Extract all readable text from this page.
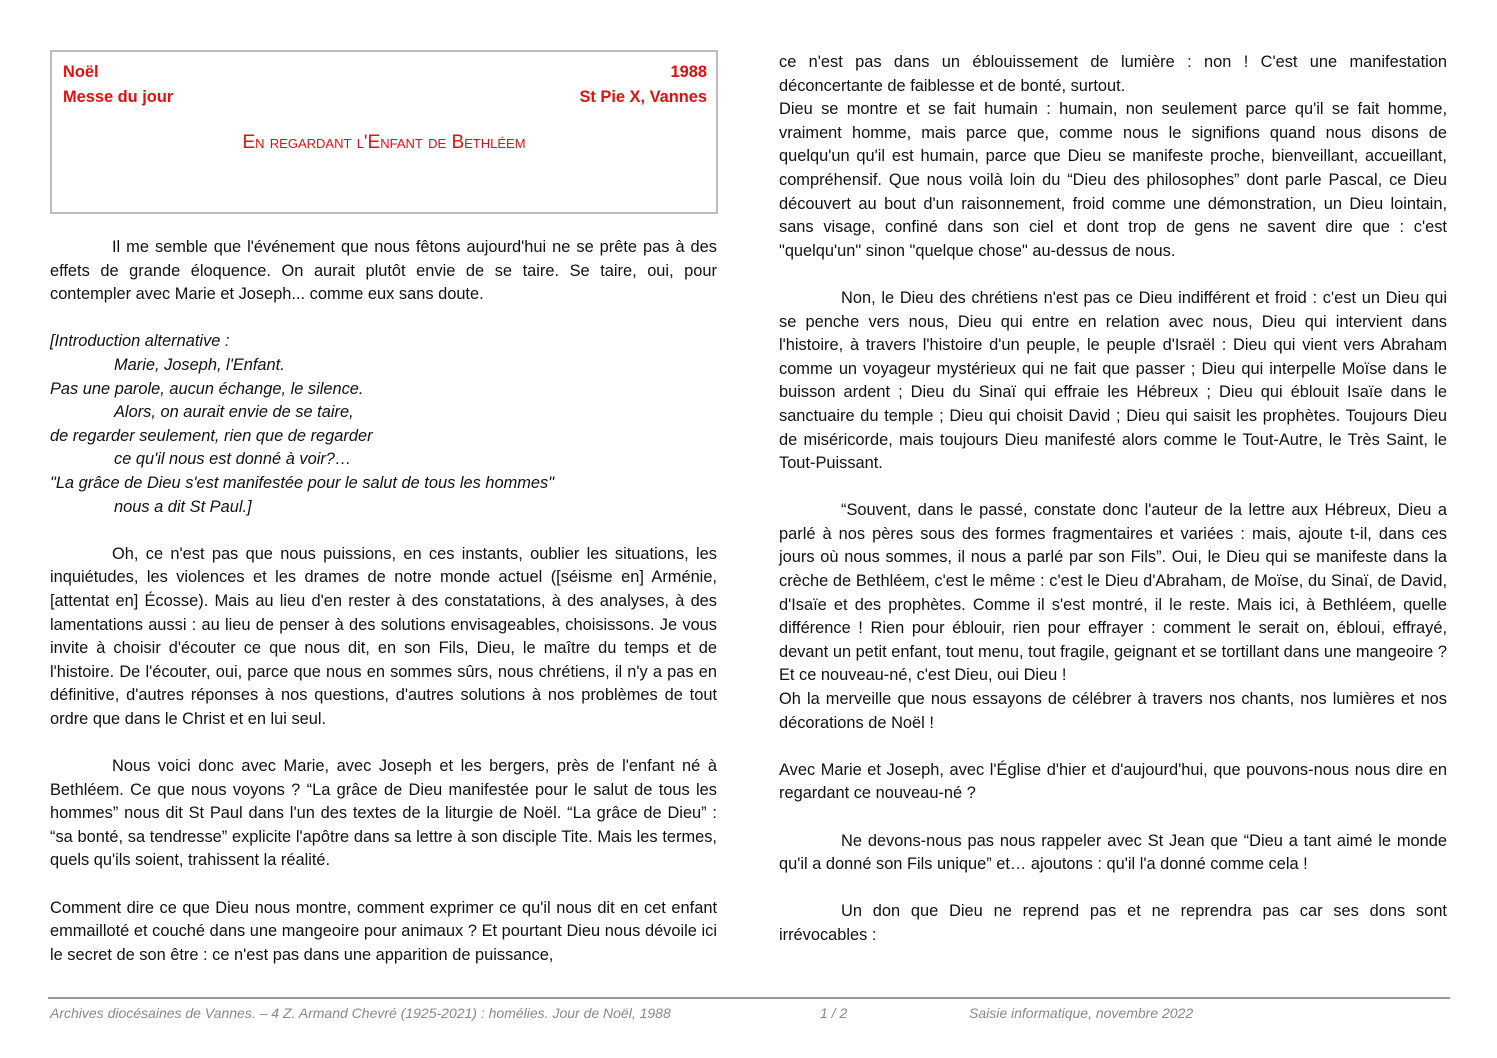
Noël
Messe du jour
1988
St Pie X, Vannes
En regardant l'Enfant de Bethléem

Il me semble que l'événement que nous fêtons aujourd'hui ne se prête pas à des effets de grande éloquence. On aurait plutôt envie de se taire. Se taire, oui, pour contempler avec Marie et Joseph... comme eux sans doute.

[Introduction alternative :

Marie, Joseph, l'Enfant.

Pas une parole, aucun échange, le silence.

Alors, on aurait envie de se taire,

de regarder seulement, rien que de regarder

ce qu'il nous est donné à voir?…

"La grâce de Dieu s'est manifestée pour le salut de tous les hommes"

nous a dit St Paul.]

Oh, ce n'est pas que nous puissions, en ces instants, oublier les situations, les inquiétudes, les violences et les drames de notre monde actuel ([séisme en] Arménie, [attentat en] Écosse). Mais au lieu d'en rester à des constatations, à des analyses, à des lamentations aussi : au lieu de penser à des solutions envisageables, choisissons. Je vous invite à choisir d'écouter ce que nous dit, en son Fils, Dieu, le maître du temps et de l'histoire. De l'écouter, oui, parce que nous en sommes sûrs, nous chrétiens, il n'y a pas en définitive, d'autres réponses à nos questions, d'autres solutions à nos problèmes de tout ordre que dans le Christ et en lui seul.

Nous voici donc avec Marie, avec Joseph et les bergers, près de l'enfant né à Bethléem. Ce que nous voyons ? “La grâce de Dieu manifestée pour le salut de tous les hommes” nous dit St Paul dans l'un des textes de la liturgie de Noël. “La grâce de Dieu” : “sa bonté, sa tendresse” explicite l'apôtre dans sa lettre à son disciple Tite. Mais les termes, quels qu'ils soient, trahissent la réalité.

Comment dire ce que Dieu nous montre, comment exprimer ce qu'il nous dit en cet enfant emmailloté et couché dans une mangeoire pour animaux ? Et pourtant Dieu nous dévoile ici le secret de son être : ce n'est pas dans une apparition de puissance,

ce n'est pas dans un éblouissement de lumière : non ! C'est une manifestation déconcertante de faiblesse et de bonté, surtout.

Dieu se montre et se fait humain : humain, non seulement parce qu'il se fait homme, vraiment homme, mais parce que, comme nous le signifions quand nous disons de quelqu'un qu'il est humain, parce que Dieu se manifeste proche, bienveillant, accueillant, compréhensif. Que nous voilà loin du “Dieu des philosophes” dont parle Pascal, ce Dieu découvert au bout d'un raisonnement, froid comme une démonstration, un Dieu lointain, sans visage, confiné dans son ciel et dont trop de gens ne savent dire que : c'est "quelqu'un" sinon "quelque chose" au-dessus de nous.

Non, le Dieu des chrétiens n'est pas ce Dieu indifférent et froid : c'est un Dieu qui se penche vers nous, Dieu qui entre en relation avec nous, Dieu qui intervient dans l'histoire, à travers l'histoire d'un peuple, le peuple d'Israël : Dieu qui vient vers Abraham comme un voyageur mystérieux qui ne fait que passer ; Dieu qui interpelle Moïse dans le buisson ardent ; Dieu du Sinaï qui effraie les Hébreux ; Dieu qui éblouit Isaïe dans le sanctuaire du temple ; Dieu qui choisit David ; Dieu qui saisit les prophètes. Toujours Dieu de miséricorde, mais toujours Dieu manifesté alors comme le Tout-Autre, le Très Saint, le Tout-Puissant.

“Souvent, dans le passé, constate donc l'auteur de la lettre aux Hébreux, Dieu a parlé à nos pères sous des formes fragmentaires et variées : mais, ajoute t-il, dans ces jours où nous sommes, il nous a parlé par son Fils”. Oui, le Dieu qui se manifeste dans la crèche de Bethléem, c'est le même : c'est le Dieu d'Abraham, de Moïse, du Sinaï, de David, d'Isaïe et des prophètes. Comme il s'est montré, il le reste. Mais ici, à Bethléem, quelle différence ! Rien pour éblouir, rien pour effrayer : comment le serait on, ébloui, effrayé, devant un petit enfant, tout menu, tout fragile, geignant et se tortillant dans une mangeoire ? Et ce nouveau-né, c'est Dieu, oui Dieu !

Oh la merveille que nous essayons de célébrer à travers nos chants, nos lumières et nos décorations de Noël !

Avec Marie et Joseph, avec l'Église d'hier et d'aujourd'hui, que pouvons-nous nous dire en regardant ce nouveau-né ?

Ne devons-nous pas nous rappeler avec St Jean que “Dieu a tant aimé le monde qu'il a donné son Fils unique” et… ajoutons : qu'il l'a donné comme cela !

Un don que Dieu ne reprend pas et ne reprendra pas car ses dons sont irrévocables :

Archives diocésaines de Vannes. – 4 Z. Armand Chevré (1925-2021) : homélies. Jour de Noël, 1988	1 / 2	Saisie informatique, novembre 2022
